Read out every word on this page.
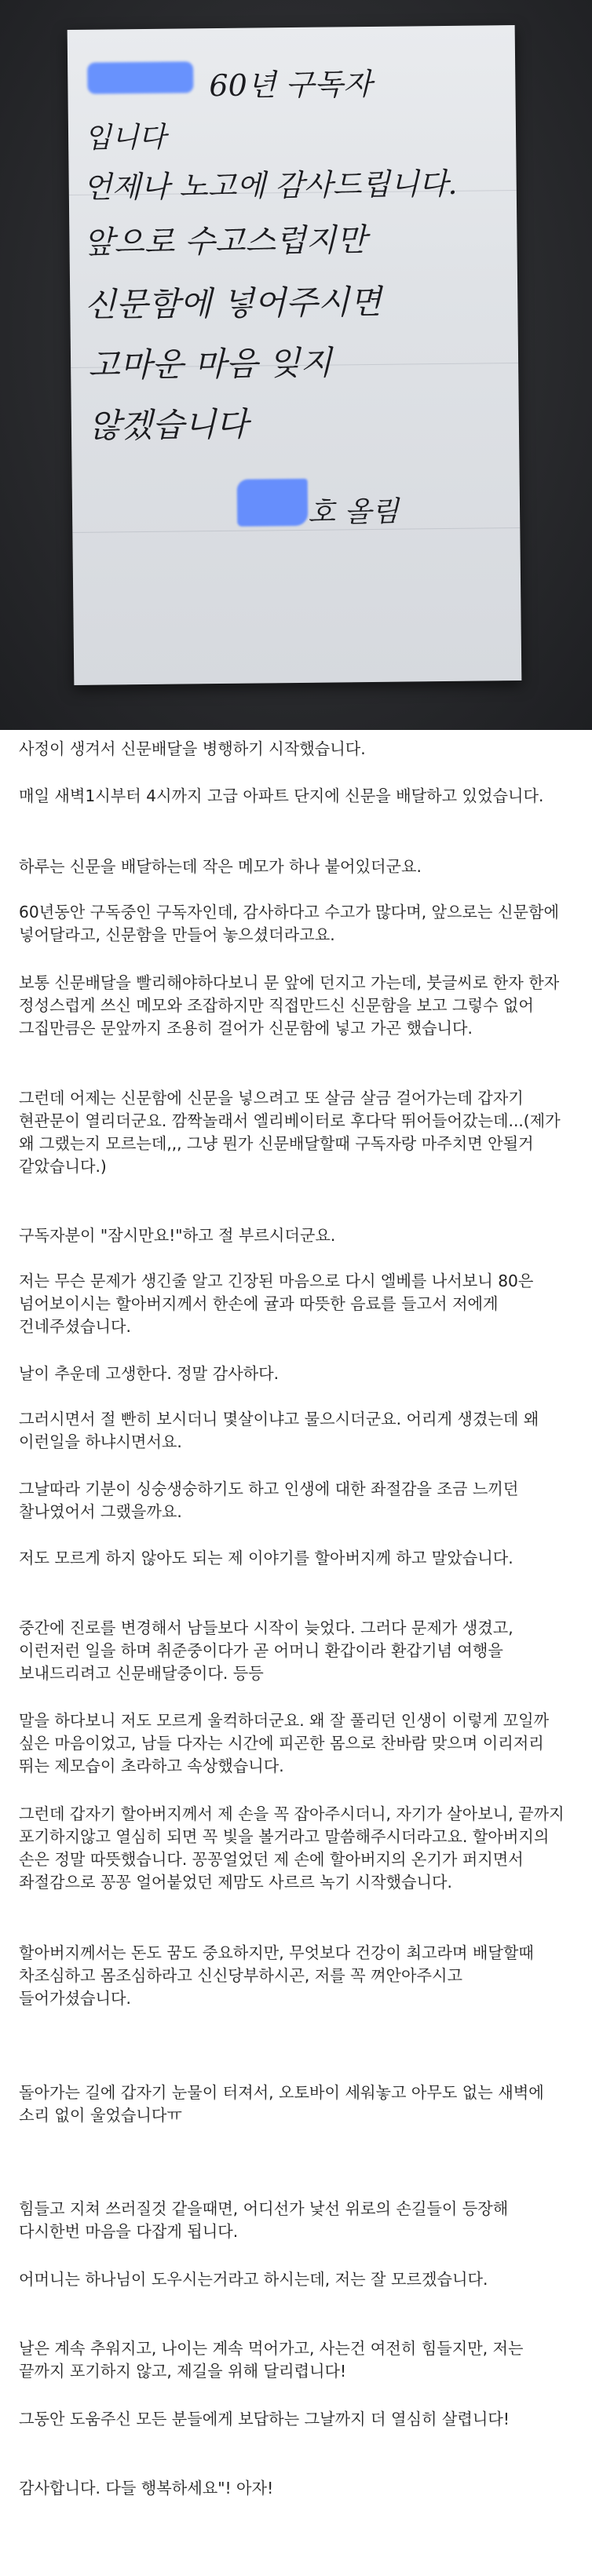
60년 구독자
입니다
언제나 노고에 감사드립니다.
앞으로 수고스럽지만
신문함에 넣어주시면
고마운 마음 잊지
않겠습니다
호 올림

사정이 생겨서 신문배달을 병행하기 시작했습니다.

매일 새벽1시부터 4시까지 고급 아파트 단지에 신문을 배달하고 있었습니다.

하루는 신문을 배달하는데 작은 메모가 하나 붙어있더군요.

60년동안 구독중인 구독자인데, 감사하다고 수고가 많다며, 앞으로는 신문함에 넣어달라고, 신문함을 만들어 놓으셨더라고요.

보통 신문배달을 빨리해야하다보니 문 앞에 던지고 가는데, 붓글씨로 한자 한자 정성스럽게 쓰신 메모와 조잡하지만 직접만드신 신문함을 보고 그렇수 없어 그집만큼은 문앞까지 조용히 걸어가 신문함에 넣고 가곤 했습니다.

그런데 어제는 신문함에 신문을 넣으려고 또 살금 살금 걸어가는데 갑자기 현관문이 열리더군요. 깜짝놀래서 엘리베이터로 후다닥 뛰어들어갔는데...(제가 왜 그랬는지 모르는데,,, 그냥 뭔가 신문배달할때 구독자랑 마주치면 안될거 같았습니다.)

구독자분이 "잠시만요!"하고 절 부르시더군요.

저는 무슨 문제가 생긴줄 알고 긴장된 마음으로 다시 엘베를 나서보니 80은 넘어보이시는 할아버지께서 한손에 귤과 따뜻한 음료를 들고서 저에게 건네주셨습니다.

날이 추운데 고생한다. 정말 감사하다.

그러시면서 절 빤히 보시더니 몇살이냐고 물으시더군요. 어리게 생겼는데 왜 이런일을 하냐시면서요.

그날따라 기분이 싱숭생숭하기도 하고 인생에 대한 좌절감을 조금 느끼던 찰나였어서 그랬을까요.

저도 모르게 하지 않아도 되는 제 이야기를 할아버지께 하고 말았습니다.

중간에 진로를 변경해서 남들보다 시작이 늦었다. 그러다 문제가 생겼고, 이런저런 일을 하며 취준중이다가 곧 어머니 환갑이라 환갑기념 여행을 보내드리려고 신문배달중이다. 등등

말을 하다보니 저도 모르게 울컥하더군요. 왜 잘 풀리던 인생이 이렇게 꼬일까 싶은 마음이었고, 남들 다자는 시간에 피곤한 몸으로 찬바람 맞으며 이리저리 뛰는 제모습이 초라하고 속상했습니다.

그런데 갑자기 할아버지께서 제 손을 꼭 잡아주시더니, 자기가 살아보니, 끝까지 포기하지않고 열심히 되면 꼭 빛을 볼거라고 말씀해주시더라고요. 할아버지의 손은 정말 따뜻했습니다. 꽁꽁얼었던 제 손에 할아버지의 온기가 퍼지면서 좌절감으로 꽁꽁 얼어붙었던 제맘도 사르르 녹기 시작했습니다.

할아버지께서는 돈도 꿈도 중요하지만, 무엇보다 건강이 최고라며 배달할때 차조심하고 몸조심하라고 신신당부하시곤, 저를 꼭 껴안아주시고 들어가셨습니다.

돌아가는 길에 갑자기 눈물이 터져서, 오토바이 세워놓고 아무도 없는 새벽에 소리 없이 울었습니다ㅠ

힘들고 지쳐 쓰러질것 같을때면, 어디선가 낯선 위로의 손길들이 등장해 다시한번 마음을 다잡게 됩니다.

어머니는 하나님이 도우시는거라고 하시는데, 저는 잘 모르겠습니다.

날은 계속 추워지고, 나이는 계속 먹어가고, 사는건 여전히 힘들지만, 저는 끝까지 포기하지 않고, 제길을 위해 달리렵니다!

그동안 도움주신 모든 분들에게 보답하는 그날까지 더 열심히 살렵니다!

감사합니다. 다들 행복하세요"! 아자!
